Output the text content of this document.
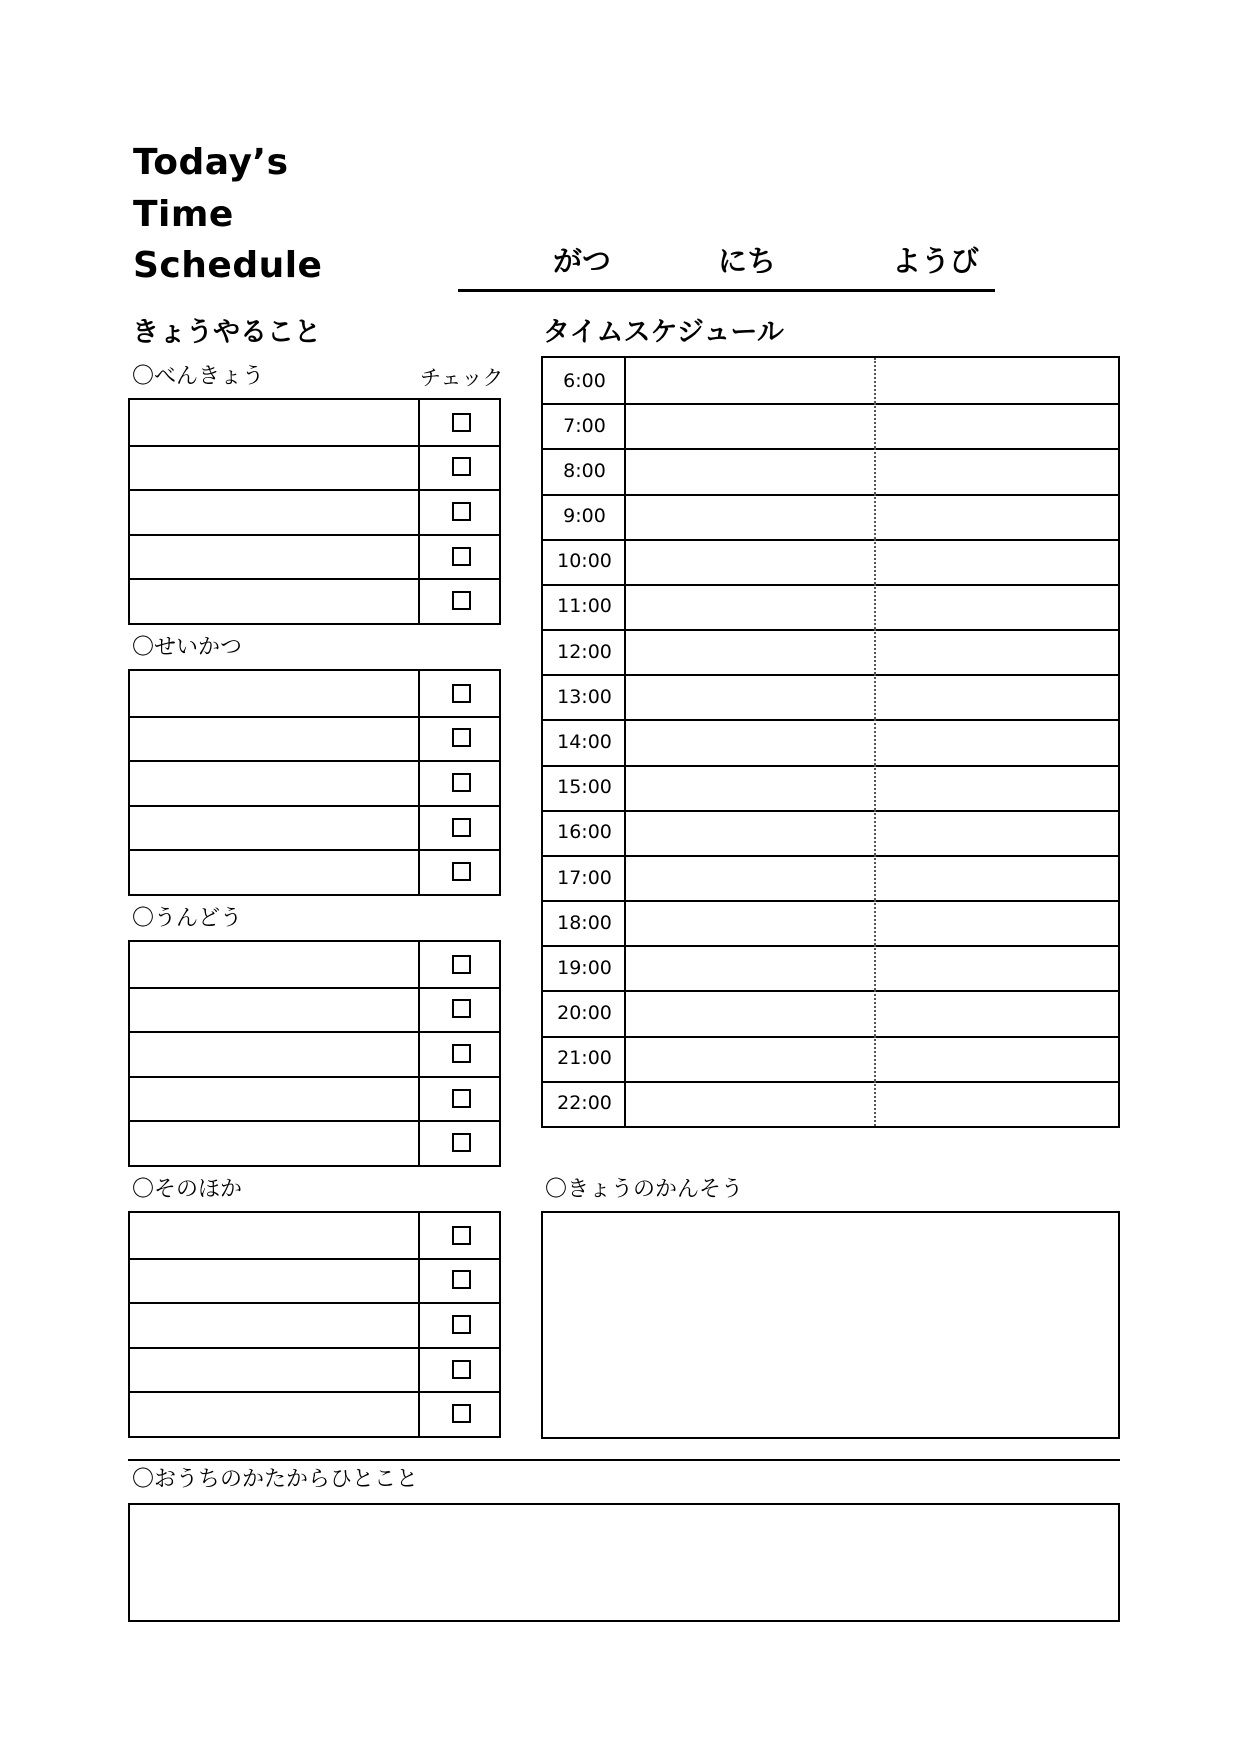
Today’s
Time
Schedule	がつ	にち	ようび
きょうやること
チェック
〇べんきょう
〇せいかつ
〇うんどう
〇そのほか
タイムスケジュール
6:00
7:00
8:00
9:00
10:00
11:00
12:00
13:00
14:00
15:00
16:00
17:00
18:00
19:00
20:00
21:00
22:00
〇きょうのかんそう
〇おうちのかたからひとこと
